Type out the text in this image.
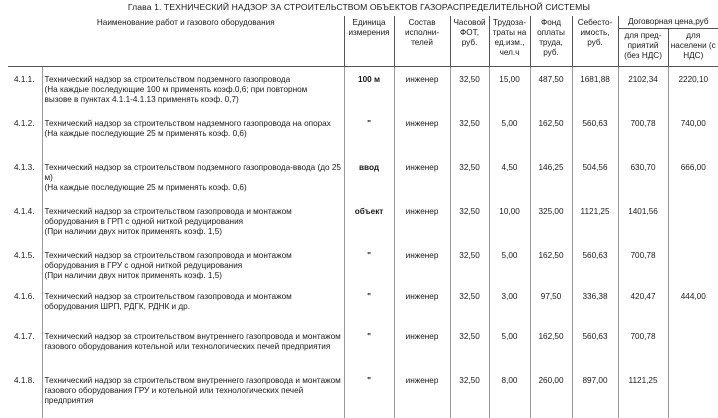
Глава 1. ТЕХНИЧЕСКИЙ НАДЗОР ЗА СТРОИТЕЛЬСТВОМ ОБЪЕКТОВ ГАЗОРАСПРЕДЕЛИТЕЛЬНОЙ СИСТЕМЫ
Наименование работ и газового оборудования		Единица измерения	Состав исполни-телей	Часовой ФОТ, руб.	Трудоза-траты на ед.изм., чел.ч	Фонд оплаты труда, руб.	Себесто-имость, руб.	Договорная цена,руб	
								для пред-приятий (без НДС)	для населени (с НДС)
4.1.1.	Технический надзор за строительством подземного газопровода
(На каждые последующие 100 м применять коэф.0,6; при повторном
вызове в пунктах 4.1.1-4.1.13 применять коэф. 0,7)	100 м	инженер	32,50	15,00	487,50	1681,88	2102,34	2220,10
4.1.2.	Технический надзор за строительством надземного газопровода на опорах
(На каждые последующие 25 м применять коэф. 0,6)	"	инженер	32,50	5,00	162,50	560,63	700,78	740,00
4.1.3.	Технический надзор за строительством подземного газопровода-ввода (до 25 м)
(На каждые последующие 25 м применять коэф. 0,6)	ввод	инженер	32,50	4,50	146,25	504,56	630,70	666,00
4.1.4.	Технический надзор за строительством газопровода и монтажом оборудования в ГРП с одной ниткой редуцирования
(При наличии двух ниток применять коэф. 1,5)	объект	инженер	32,50	10,00	325,00	1121,25	1401,56	
4.1.5.	Технический надзор за строительством газопровода и монтажом оборудования в ГРУ с одной ниткой редуцирования
(При наличии двух ниток применять коэф. 1,5)	"	инженер	32,50	5,00	162,50	560,63	700,78	
4.1.6.	Технический надзор за строительством газопровода и монтажом оборудования ШРП, РДГК, РДНК и др.	"	инженер	32,50	3,00	97,50	336,38	420,47	444,00
4.1.7.	Технический надзор за строительством внутреннего газопровода и монтажом газового оборудования котельной или технологических печей предприятия	"	инженер	32,50	5,00	162,50	560,63	700,78	
4.1.8.	Технический надзор за строительством внутреннего газопровода и монтажом газового оборудования ГРУ и котельной или технологических печей предприятия	"	инженер	32,50	8,00	260,00	897,00	1121,25	
